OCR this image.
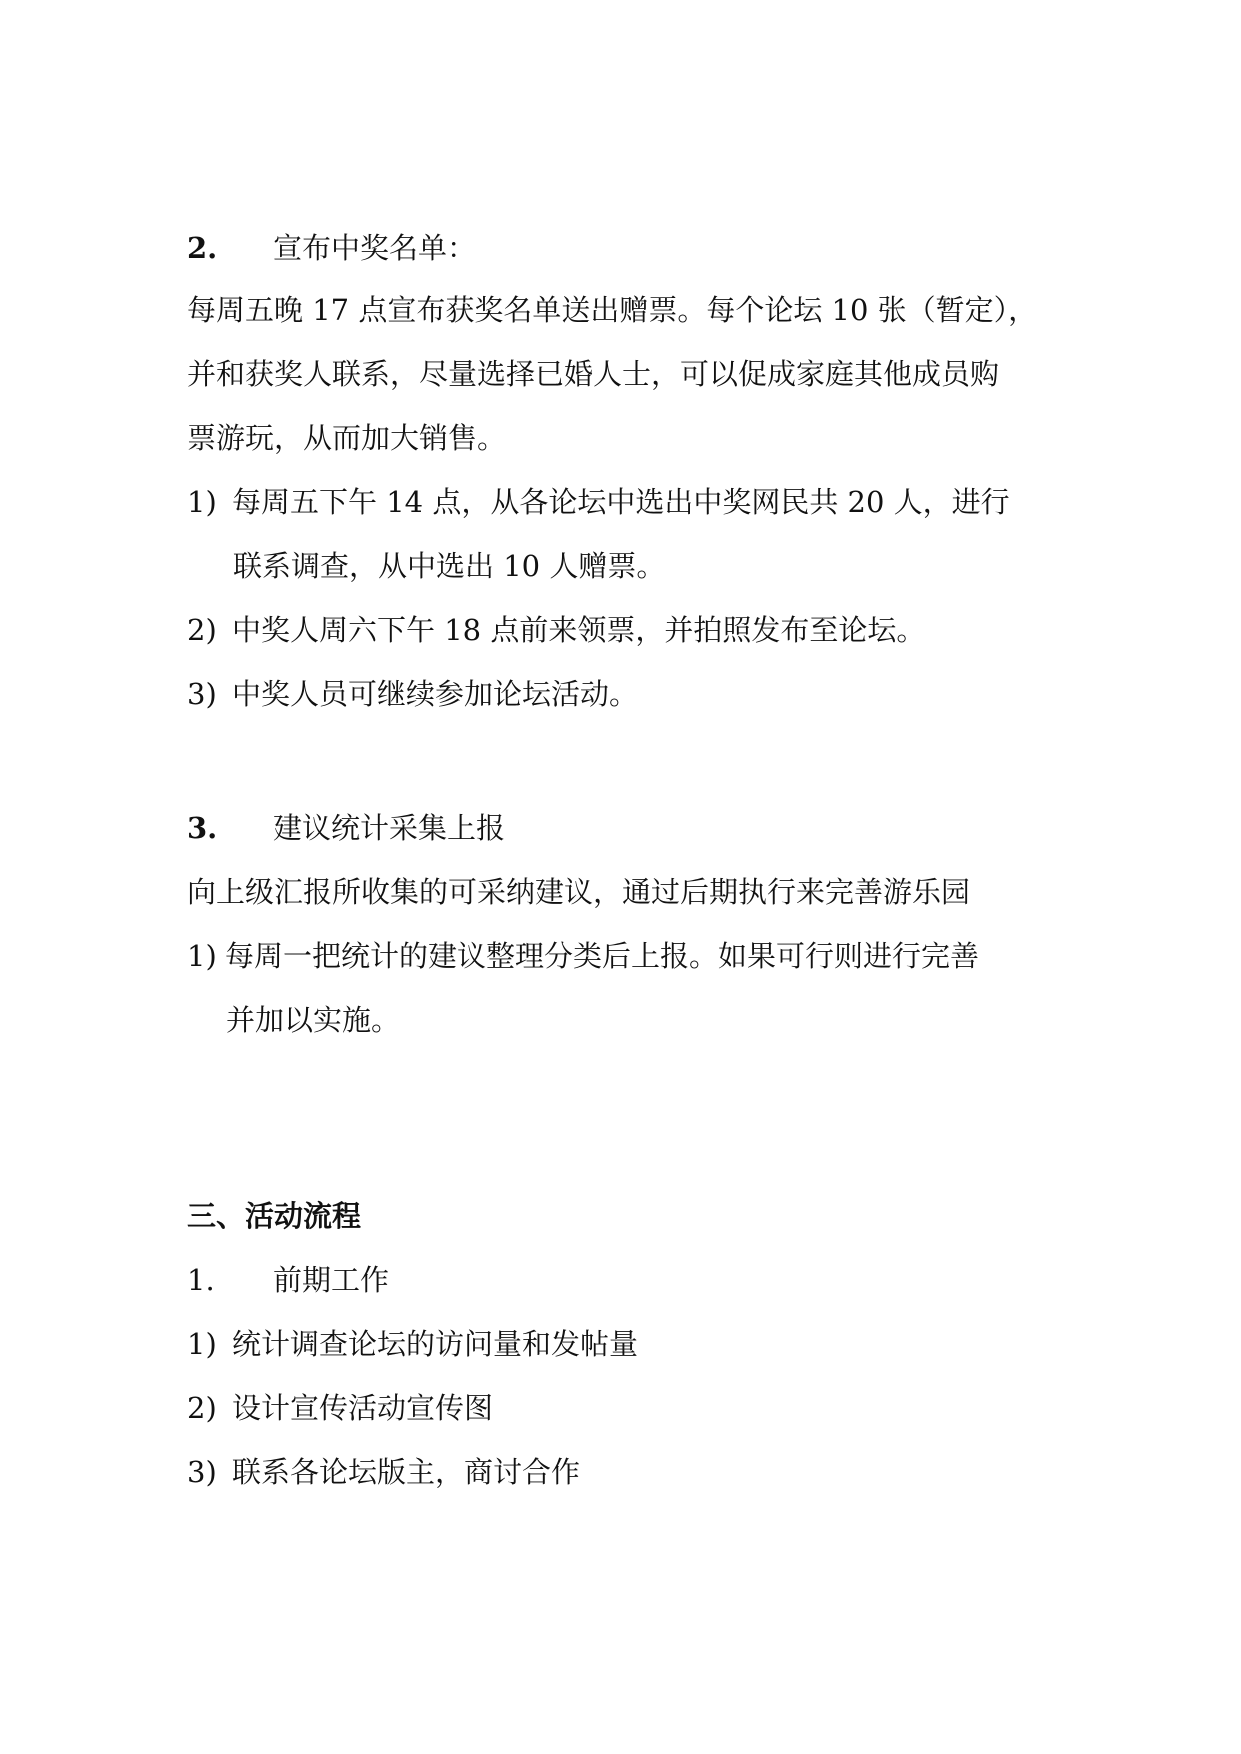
2. 宣布中奖名单：
每周五晚 17 点宣布获奖名单送出赠票。每个论坛 10 张（暂定），
并和获奖人联系，尽量选择已婚人士，可以促成家庭其他成员购
票游玩，从而加大销售。
1) 每周五下午 14 点，从各论坛中选出中奖网民共 20 人，进行
联系调查，从中选出 10 人赠票。
2) 中奖人周六下午 18 点前来领票，并拍照发布至论坛。
3) 中奖人员可继续参加论坛活动。
3. 建议统计采集上报
向上级汇报所收集的可采纳建议，通过后期执行来完善游乐园
1) 每周一把统计的建议整理分类后上报。如果可行则进行完善
并加以实施。
三、活动流程
1. 前期工作
1) 统计调查论坛的访问量和发帖量
2) 设计宣传活动宣传图
3) 联系各论坛版主，商讨合作
